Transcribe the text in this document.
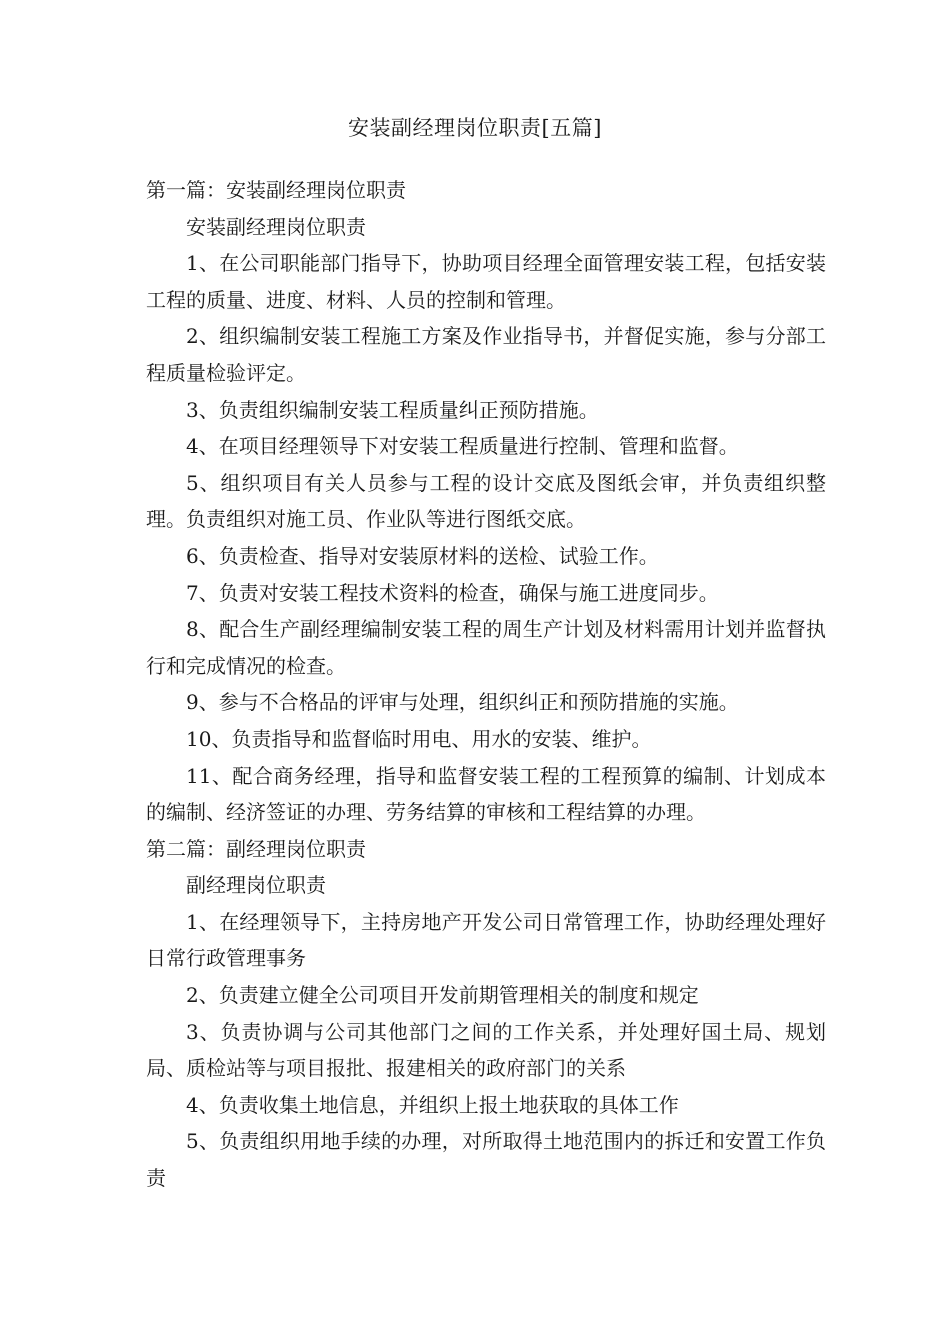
安装副经理岗位职责[五篇]

第一篇：安装副经理岗位职责

安装副经理岗位职责

1、在公司职能部门指导下，协助项目经理全面管理安装工程，包括安装工程的质量、进度、材料、人员的控制和管理。

2、组织编制安装工程施工方案及作业指导书，并督促实施，参与分部工程质量检验评定。

3、负责组织编制安装工程质量纠正预防措施。

4、在项目经理领导下对安装工程质量进行控制、管理和监督。

5、组织项目有关人员参与工程的设计交底及图纸会审，并负责组织整理。负责组织对施工员、作业队等进行图纸交底。

6、负责检查、指导对安装原材料的送检、试验工作。

7、负责对安装工程技术资料的检查，确保与施工进度同步。

8、配合生产副经理编制安装工程的周生产计划及材料需用计划并监督执行和完成情况的检查。

9、参与不合格品的评审与处理，组织纠正和预防措施的实施。

10、负责指导和监督临时用电、用水的安装、维护。

11、配合商务经理，指导和监督安装工程的工程预算的编制、计划成本的编制、经济签证的办理、劳务结算的审核和工程结算的办理。

第二篇：副经理岗位职责

副经理岗位职责

1、在经理领导下，主持房地产开发公司日常管理工作，协助经理处理好日常行政管理事务

2、负责建立健全公司项目开发前期管理相关的制度和规定

3、负责协调与公司其他部门之间的工作关系，并处理好国土局、规划局、质检站等与项目报批、报建相关的政府部门的关系

4、负责收集土地信息，并组织上报土地获取的具体工作

5、负责组织用地手续的办理，对所取得土地范围内的拆迁和安置工作负责
